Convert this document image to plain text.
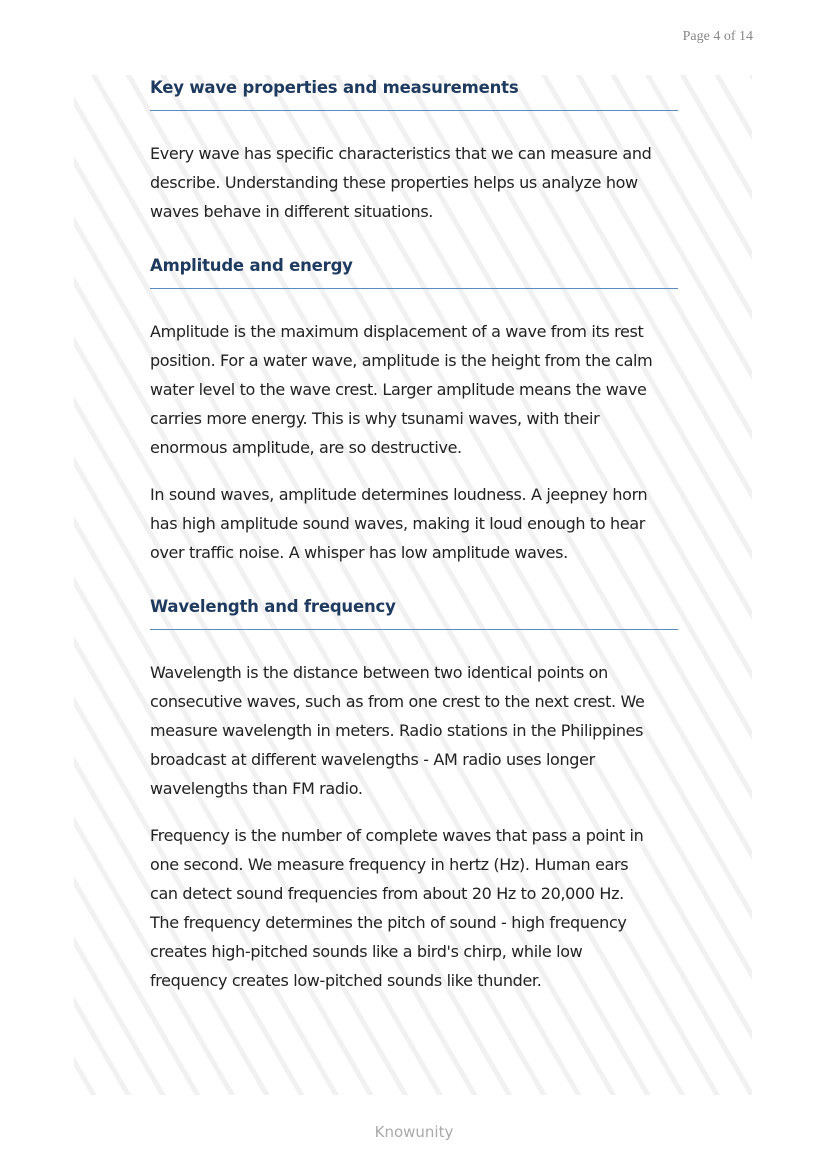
Page 4 of 14
Key wave properties and measurements

Every wave has specific characteristics that we can measure and
describe. Understanding these properties helps us analyze how
waves behave in different situations.

Amplitude and energy

Amplitude is the maximum displacement of a wave from its rest
position. For a water wave, amplitude is the height from the calm
water level to the wave crest. Larger amplitude means the wave
carries more energy. This is why tsunami waves, with their
enormous amplitude, are so destructive.

In sound waves, amplitude determines loudness. A jeepney horn
has high amplitude sound waves, making it loud enough to hear
over traffic noise. A whisper has low amplitude waves.

Wavelength and frequency

Wavelength is the distance between two identical points on
consecutive waves, such as from one crest to the next crest. We
measure wavelength in meters. Radio stations in the Philippines
broadcast at different wavelengths - AM radio uses longer
wavelengths than FM radio.

Frequency is the number of complete waves that pass a point in
one second. We measure frequency in hertz (Hz). Human ears
can detect sound frequencies from about 20 Hz to 20,000 Hz.
The frequency determines the pitch of sound - high frequency
creates high-pitched sounds like a bird's chirp, while low
frequency creates low-pitched sounds like thunder.

Knowunity
